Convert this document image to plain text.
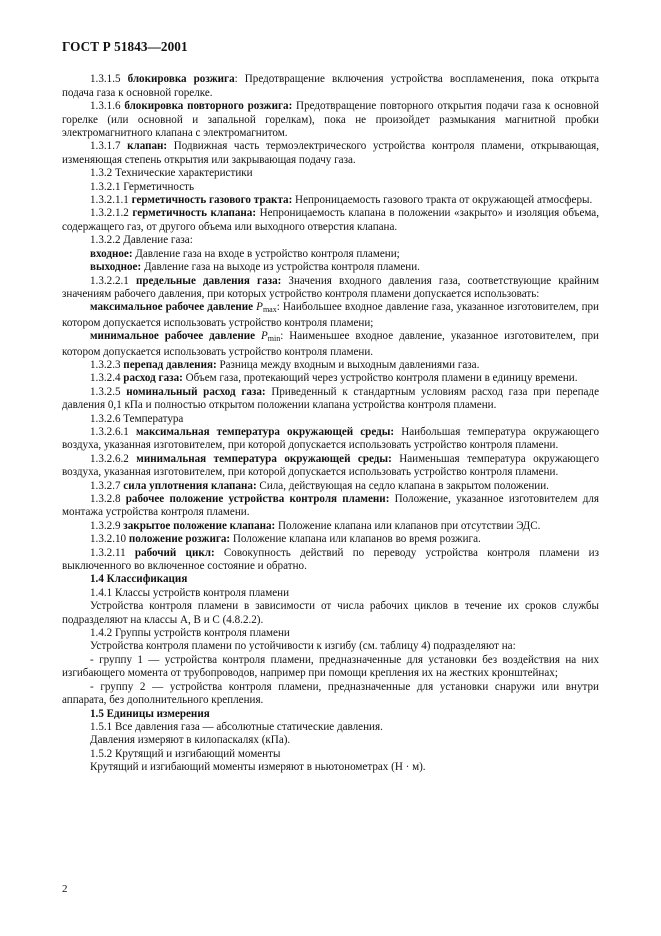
ГОСТ Р 51843—2001

1.3.1.5 блокировка розжига: Предотвращение включения устройства воспламенения, пока открыта подача газа к основной горелке.

1.3.1.6 блокировка повторного розжига: Предотвращение повторного открытия подачи газа к основной горелке (или основной и запальной горелкам), пока не произойдет размыкания магнитной пробки электромагнитного клапана с электромагнитом.

1.3.1.7 клапан: Подвижная часть термоэлектрического устройства контроля пламени, открывающая, изменяющая степень открытия или закрывающая подачу газа.

1.3.2 Технические характеристики

1.3.2.1 Герметичность

1.3.2.1.1 герметичность газового тракта: Непроницаемость газового тракта от окружающей атмосферы.

1.3.2.1.2 герметичность клапана: Непроницаемость клапана в положении «закрыто» и изоляция объема, содержащего газ, от другого объема или выходного отверстия клапана.

1.3.2.2 Давление газа:

входное: Давление газа на входе в устройство контроля пламени;

выходное: Давление газа на выходе из устройства контроля пламени.

1.3.2.2.1 предельные давления газа: Значения входного давления газа, соответствующие крайним значениям рабочего давления, при которых устройство контроля пламени допускается использовать:

максимальное рабочее давление $P_{max}$: Наибольшее входное давление газа, указанное изготовителем, при котором допускается использовать устройство контроля пламени;

минимальное рабочее давление $P_{min}$: Наименьшее входное давление, указанное изготовителем, при котором допускается использовать устройство контроля пламени.

1.3.2.3 перепад давления: Разница между входным и выходным давлениями газа.

1.3.2.4 расход газа: Объем газа, протекающий через устройство контроля пламени в единицу времени.

1.3.2.5 номинальный расход газа: Приведенный к стандартным условиям расход газа при перепаде давления 0,1 кПа и полностью открытом положении клапана устройства контроля пламени.

1.3.2.6 Температура

1.3.2.6.1 максимальная температура окружающей среды: Наибольшая температура окружающего воздуха, указанная изготовителем, при которой допускается использовать устройство контроля пламени.

1.3.2.6.2 минимальная температура окружающей среды: Наименьшая температура окружающего воздуха, указанная изготовителем, при которой допускается использовать устройство контроля пламени.

1.3.2.7 сила уплотнения клапана: Сила, действующая на седло клапана в закрытом положении.

1.3.2.8 рабочее положение устройства контроля пламени: Положение, указанное изготовителем для монтажа устройства контроля пламени.

1.3.2.9 закрытое положение клапана: Положение клапана или клапанов при отсутствии ЭДС.

1.3.2.10 положение розжига: Положение клапана или клапанов во время розжига.

1.3.2.11 рабочий цикл: Совокупность действий по переводу устройства контроля пламени из выключенного во включенное состояние и обратно.

1.4 Классификация

1.4.1 Классы устройств контроля пламени

Устройства контроля пламени в зависимости от числа рабочих циклов в течение их сроков службы подразделяют на классы А, В и С (4.8.2.2).

1.4.2 Группы устройств контроля пламени

Устройства контроля пламени по устойчивости к изгибу (см. таблицу 4) подразделяют на:

- группу 1 — устройства контроля пламени, предназначенные для установки без воздействия на них изгибающего момента от трубопроводов, например при помощи крепления их на жестких кронштейнах;

- группу 2 — устройства контроля пламени, предназначенные для установки снаружи или внутри аппарата, без дополнительного крепления.

1.5 Единицы измерения

1.5.1 Все давления газа — абсолютные статические давления.

Давления измеряют в килопаскалях (кПа).

1.5.2 Крутящий и изгибающий моменты

Крутящий и изгибающий моменты измеряют в ньютонометрах (Н · м).

2
